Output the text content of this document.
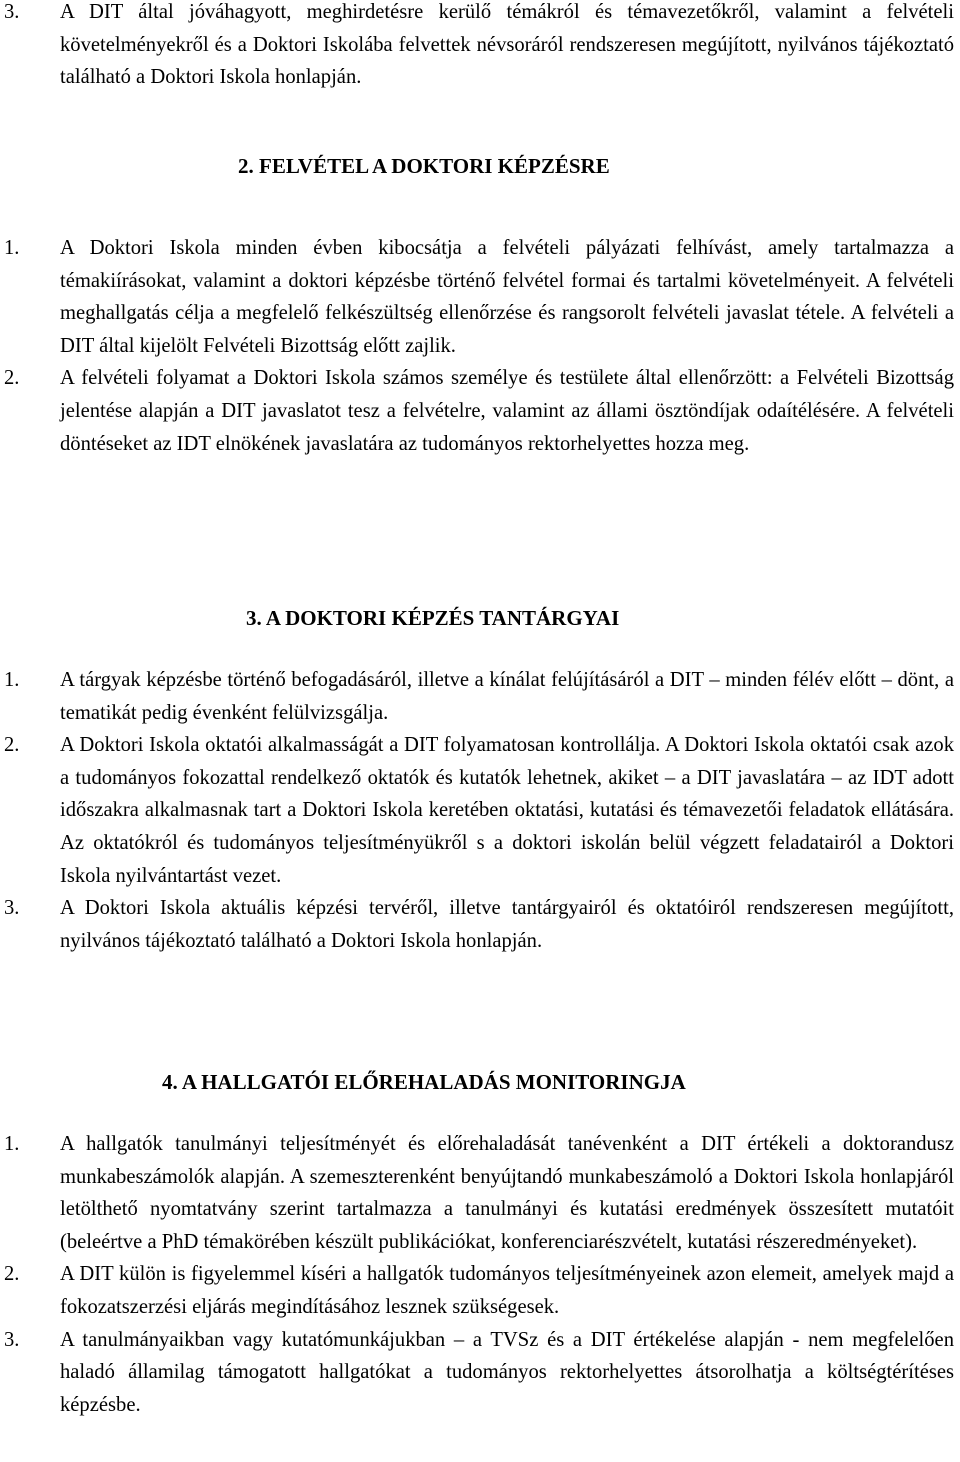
3. A DIT által jóváhagyott, meghirdetésre kerülő témákról és témavezetőkről, valamint a felvételi követelményekről és a Doktori Iskolába felvettek névsoráról rendszeresen megújított, nyilvános tájékoztató található a Doktori Iskola honlapján.
2. FELVÉTEL A DOKTORI KÉPZÉSRE
1. A Doktori Iskola minden évben kibocsátja a felvételi pályázati felhívást, amely tartalmazza a témakiírásokat, valamint a doktori képzésbe történő felvétel formai és tartalmi követelményeit. A felvételi meghallgatás célja a megfelelő felkészültség ellenőrzése és rangsorolt felvételi javaslat tétele. A felvételi a DIT által kijelölt Felvételi Bizottság előtt zajlik.
2. A felvételi folyamat a Doktori Iskola számos személye és testülete által ellenőrzött: a Felvételi Bizottság jelentése alapján a DIT javaslatot tesz a felvételre, valamint az állami ösztöndíjak odaítélésére. A felvételi döntéseket az IDT elnökének javaslatára az tudományos rektorhelyettes hozza meg.
3. A DOKTORI KÉPZÉS TANTÁRGYAI
1. A tárgyak képzésbe történő befogadásáról, illetve a kínálat felújításáról a DIT – minden félév előtt – dönt, a tematikát pedig évenként felülvizsgálja.
2. A Doktori Iskola oktatói alkalmasságát a DIT folyamatosan kontrollálja. A Doktori Iskola oktatói csak azok a tudományos fokozattal rendelkező oktatók és kutatók lehetnek, akiket – a DIT javaslatára – az IDT adott időszakra alkalmasnak tart a Doktori Iskola keretében oktatási, kutatási és témavezetői feladatok ellátására. Az oktatókról és tudományos teljesítményükről s a doktori iskolán belül végzett feladatairól a Doktori Iskola nyilvántartást vezet.
3. A Doktori Iskola aktuális képzési tervéről, illetve tantárgyairól és oktatóiról rendszeresen megújított, nyilvános tájékoztató található a Doktori Iskola honlapján.
4. A HALLGATÓI ELŐREHALADÁS MONITORINGJA
1. A hallgatók tanulmányi teljesítményét és előrehaladását tanévenként a DIT értékeli a doktorandusz munkabeszámolók alapján. A szemeszterenként benyújtandó munkabeszámoló a Doktori Iskola honlapjáról letölthető nyomtatvány szerint tartalmazza a tanulmányi és kutatási eredmények összesített mutatóit (beleértve a PhD témakörében készült publikációkat, konferenciarészvételt, kutatási részeredményeket).
2. A DIT külön is figyelemmel kíséri a hallgatók tudományos teljesítményeinek azon elemeit, amelyek majd a fokozatszerzési eljárás megindításához lesznek szükségesek.
3. A tanulmányaikban vagy kutatómunkájukban – a TVSz és a DIT értékelése alapján - nem megfelelően haladó államilag támogatott hallgatókat a tudományos rektorhelyettes átsorolhatja a költségtérítéses képzésbe.
